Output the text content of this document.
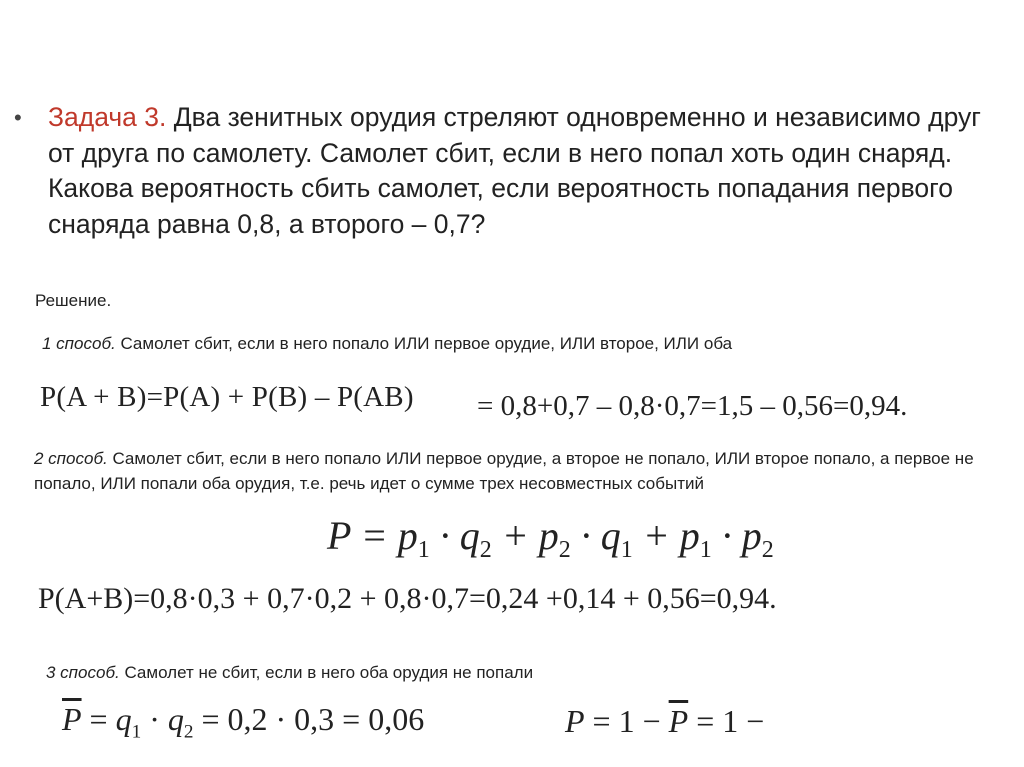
• Задача 3. Два зенитных орудия стреляют одновременно и независимо друг от друга по самолету. Самолет сбит, если в него попал хоть один снаряд. Какова вероятность сбить самолет, если вероятность попадания первого снаряда равна 0,8, а второго – 0,7?
Решение.
1 способ. Самолет сбит, если в него попало ИЛИ первое орудие, ИЛИ второе, ИЛИ оба
P(A + B)=P(A) + P(B) – P(AB) = 0,8+0,7 – 0,8·0,7=1,5 – 0,56=0,94.
2 способ. Самолет сбит, если в него попало ИЛИ первое орудие, а второе не попало, ИЛИ второе попало, а первое не попало, ИЛИ попали оба орудия, т.е. речь идет о сумме трех несовместных событий
$P = p_1 \cdot q_2 + p_2 \cdot q_1 + p_1 \cdot p_2$
P(A+B)=0,8·0,3 + 0,7·0,2 + 0,8·0,7=0,24 +0,14 + 0,56=0,94.
3 способ. Самолет не сбит, если в него оба орудия не попали
$\overline{P} = q_1 \cdot q_2 = 0,2 \cdot 0,3 = 0,06$	$P = 1 - \overline{P} = 1$ −
